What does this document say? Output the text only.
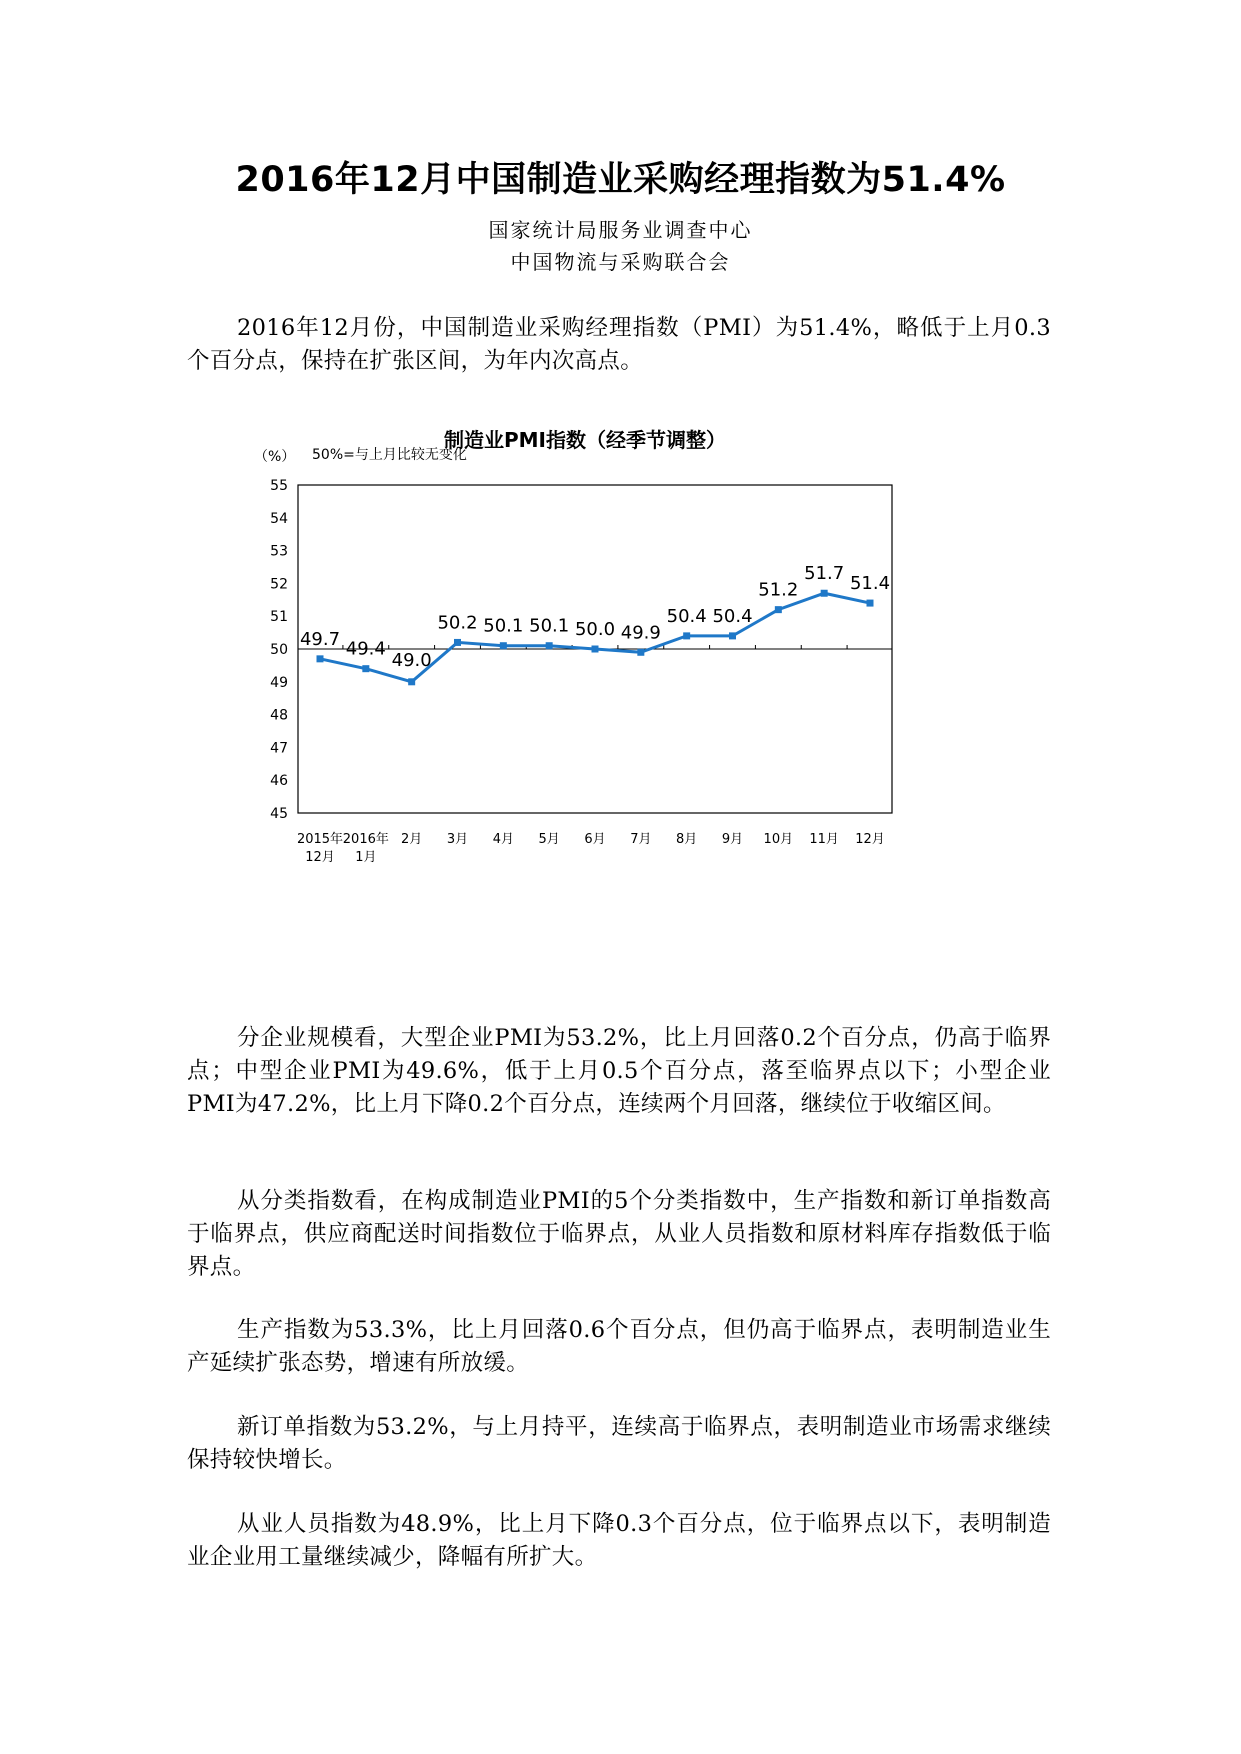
2016年12月中国制造业采购经理指数为51.4%
国家统计局服务业调查中心
中国物流与采购联合会
2016年12月份，中国制造业采购经理指数（PMI）为51.4%，略低于上月0.3个百分点，保持在扩张区间，为年内次高点。
制造业PMI指数（经季节调整）
（%） 50%=与上月比较无变化
45
46
47
48
49
50
51
52
53
54
55
49.7 49.4
49.0
50.2 50.1 50.1 50.0 49.9
50.4 50.4
51.2
51.7 51.4
2015年
12月
2016年
1月
2月 3月 4月 5月 6月 7月 8月 9月 10月 11月 12月
分企业规模看，大型企业PMI为53.2%，比上月回落0.2个百分点，仍高于临界点；中型企业PMI为49.6%，低于上月0.5个百分点，落至临界点以下；小型企业PMI为47.2%，比上月下降0.2个百分点，连续两个月回落，继续位于收缩区间。
从分类指数看，在构成制造业PMI的5个分类指数中，生产指数和新订单指数高于临界点，供应商配送时间指数位于临界点，从业人员指数和原材料库存指数低于临界点。
生产指数为53.3%，比上月回落0.6个百分点，但仍高于临界点，表明制造业生产延续扩张态势，增速有所放缓。
新订单指数为53.2%，与上月持平，连续高于临界点，表明制造业市场需求继续保持较快增长。
从业人员指数为48.9%，比上月下降0.3个百分点，位于临界点以下，表明制造业企业用工量继续减少，降幅有所扩大。
